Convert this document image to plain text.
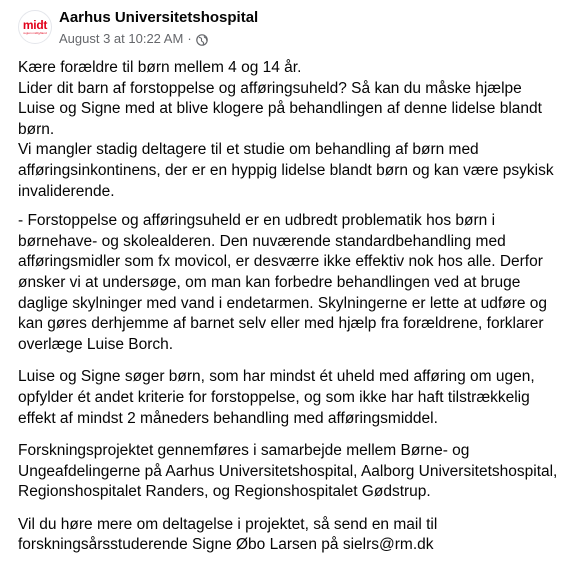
midt
region midtjylland
Aarhus Universitetshospital
August 3 at 10:22 AM ·

Kære forældre til børn mellem 4 og 14 år.
Lider dit barn af forstoppelse og afføringsuheld? Så kan du måske hjælpe Luise og Signe med at blive klogere på behandlingen af denne lidelse blandt børn.
Vi mangler stadig deltagere til et studie om behandling af børn med afføringsinkontinens, der er en hyppig lidelse blandt børn og kan være psykisk invaliderende.

- Forstoppelse og afføringsuheld er en udbredt problematik hos børn i børnehave- og skolealderen. Den nuværende standardbehandling med afføringsmidler som fx movicol, er desværre ikke effektiv nok hos alle. Derfor ønsker vi at undersøge, om man kan forbedre behandlingen ved at bruge daglige skylninger med vand i endetarmen. Skylningerne er lette at udføre og kan gøres derhjemme af barnet selv eller med hjælp fra forældrene, forklarer overlæge Luise Borch.

Luise og Signe søger børn, som har mindst ét uheld med afføring om ugen, opfylder ét andet kriterie for forstoppelse, og som ikke har haft tilstrækkelig effekt af mindst 2 måneders behandling med afføringsmiddel.

Forskningsprojektet gennemføres i samarbejde mellem Børne- og Ungeafdelingerne på Aarhus Universitetshospital, Aalborg Universitetshospital, Regionshospitalet Randers, og Regionshospitalet Gødstrup.

Vil du høre mere om deltagelse i projektet, så send en mail til forskningsårsstuderende Signe Øbo Larsen på sielrs@rm.dk
